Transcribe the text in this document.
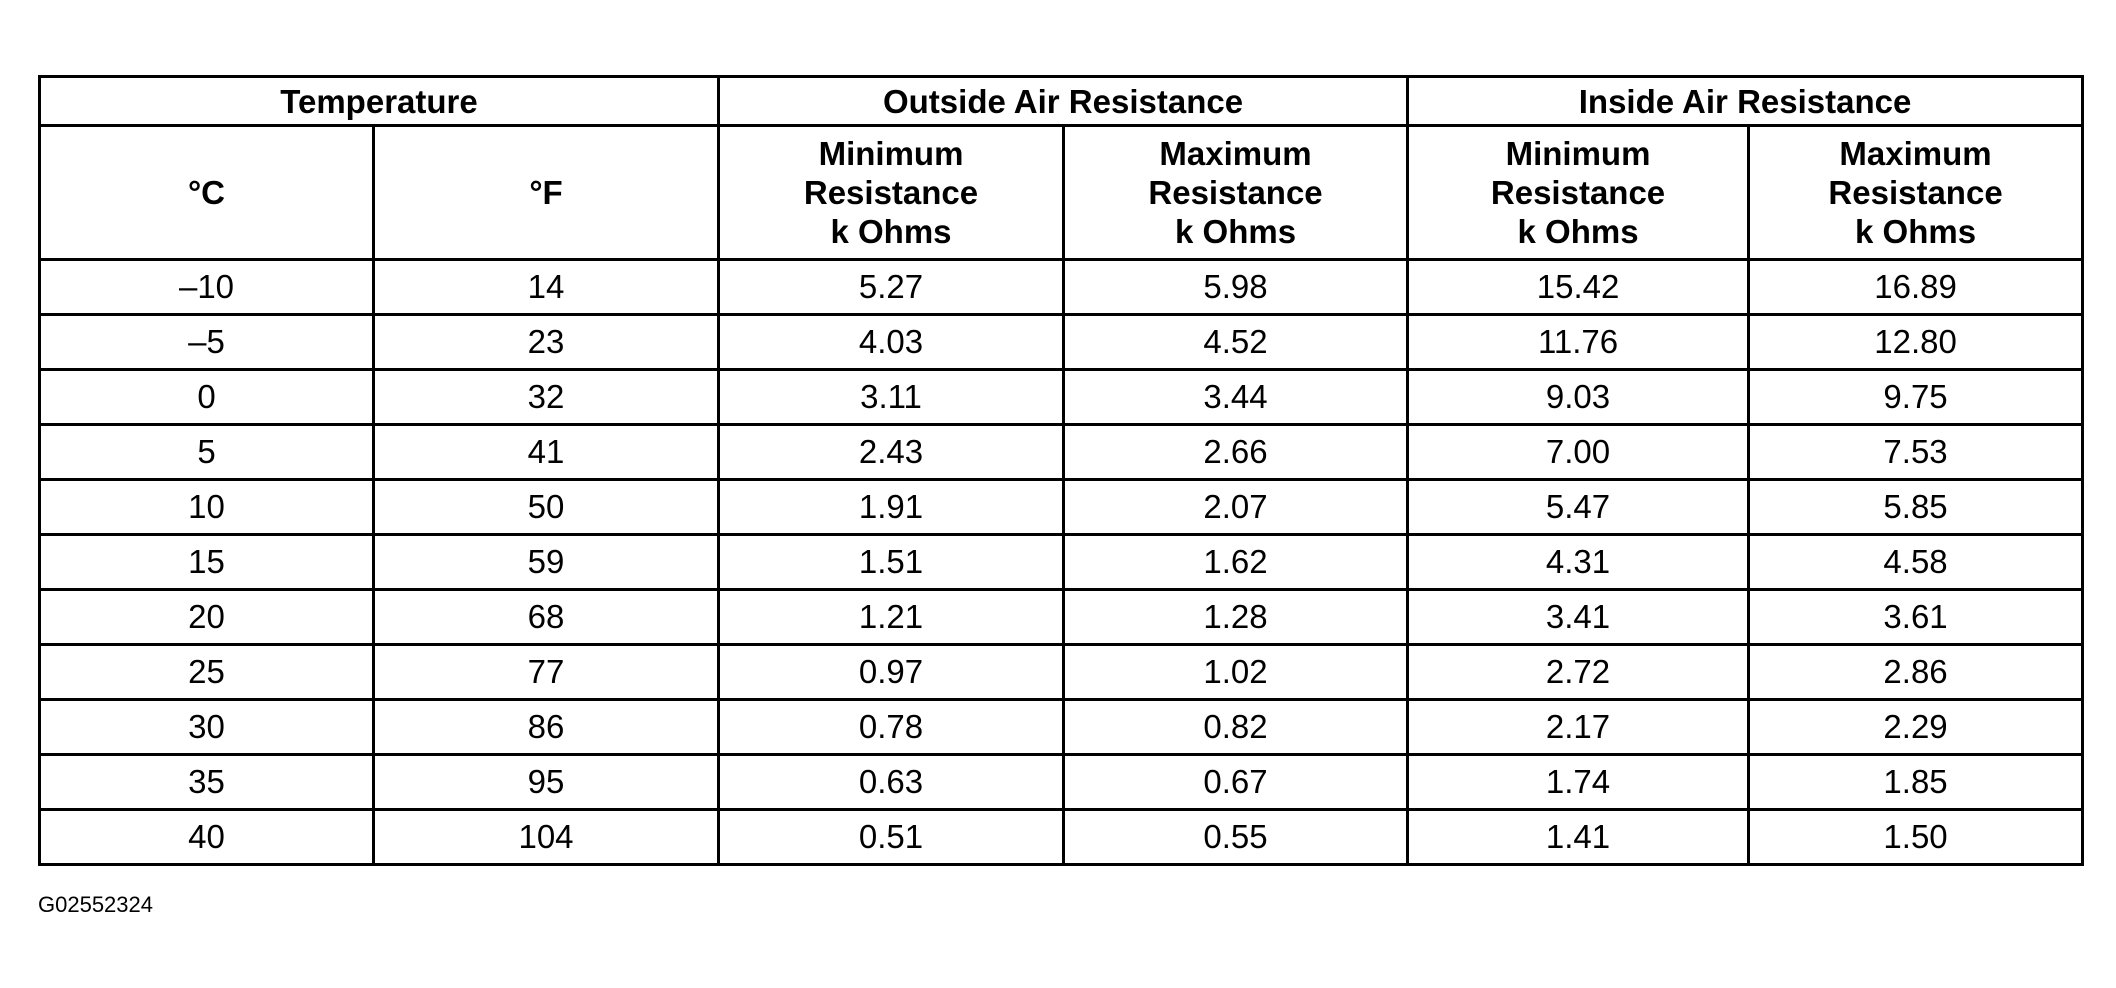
Temperature		Outside Air Resistance		Inside Air Resistance	

°C	°F	Minimum
Resistance
k Ohms	Maximum
Resistance
k Ohms	Minimum
Resistance
k Ohms	Maximum
Resistance
k Ohms

–10	14	5.27	5.98	15.42	16.89
–5	23	4.03	4.52	11.76	12.80
0	32	3.11	3.44	9.03	9.75
5	41	2.43	2.66	7.00	7.53
10	50	1.91	2.07	5.47	5.85
15	59	1.51	1.62	4.31	4.58
20	68	1.21	1.28	3.41	3.61
25	77	0.97	1.02	2.72	2.86
30	86	0.78	0.82	2.17	2.29
35	95	0.63	0.67	1.74	1.85
40	104	0.51	0.55	1.41	1.50
G02552324
